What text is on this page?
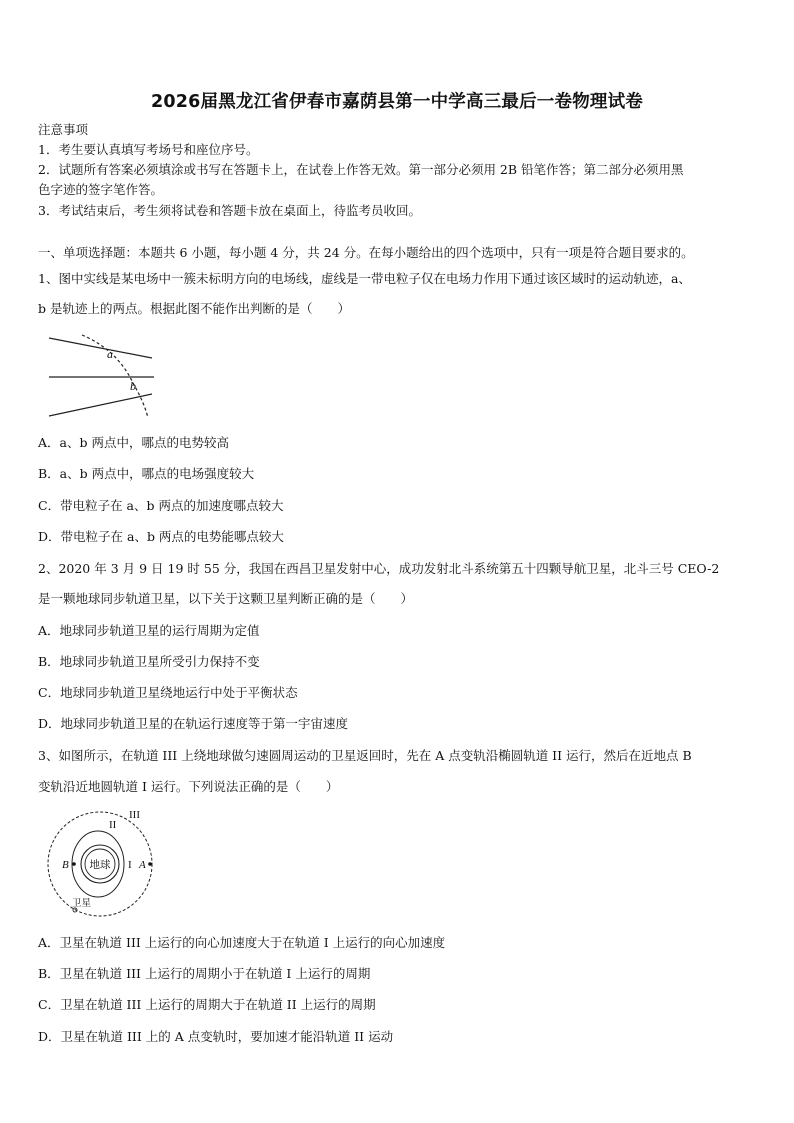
2026届黑龙江省伊春市嘉荫县第一中学高三最后一卷物理试卷
注意事项
1．考生要认真填写考场号和座位序号。
2．试题所有答案必须填涂或书写在答题卡上，在试卷上作答无效。第一部分必须用 2B 铅笔作答；第二部分必须用黑
色字迹的签字笔作答。
3．考试结束后，考生须将试卷和答题卡放在桌面上，待监考员收回。
一、单项选择题：本题共 6 小题，每小题 4 分，共 24 分。在每小题给出的四个选项中，只有一项是符合题目要求的。
1、图中实线是某电场中一簇未标明方向的电场线，虚线是一带电粒子仅在电场力作用下通过该区域时的运动轨迹，a、
b 是轨迹上的两点。根据此图不能作出判断的是（　　）
a
b
A．a、b 两点中，哪点的电势较高
B．a、b 两点中，哪点的电场强度较大
C．带电粒子在 a、b 两点的加速度哪点较大
D．带电粒子在 a、b 两点的电势能哪点较大
2、2020 年 3 月 9 日 19 时 55 分，我国在西昌卫星发射中心，成功发射北斗系统第五十四颗导航卫星，北斗三号 CEO-2
是一颗地球同步轨道卫星，以下关于这颗卫星判断正确的是（　　）
A．地球同步轨道卫星的运行周期为定值
B．地球同步轨道卫星所受引力保持不变
C．地球同步轨道卫星绕地运行中处于平衡状态
D．地球同步轨道卫星的在轨运行速度等于第一宇宙速度
3、如图所示，在轨道 III 上绕地球做匀速圆周运动的卫星返回时，先在 A 点变轨沿椭圆轨道 II 运行，然后在近地点 B
变轨沿近地圆轨道 I 运行。下列说法正确的是（　　）
地球
B	A
I
II
III
卫星
A．卫星在轨道 III 上运行的向心加速度大于在轨道 I 上运行的向心加速度
B．卫星在轨道 III 上运行的周期小于在轨道 I 上运行的周期
C．卫星在轨道 III 上运行的周期大于在轨道 II 上运行的周期
D．卫星在轨道 III 上的 A 点变轨时，要加速才能沿轨道 II 运动
